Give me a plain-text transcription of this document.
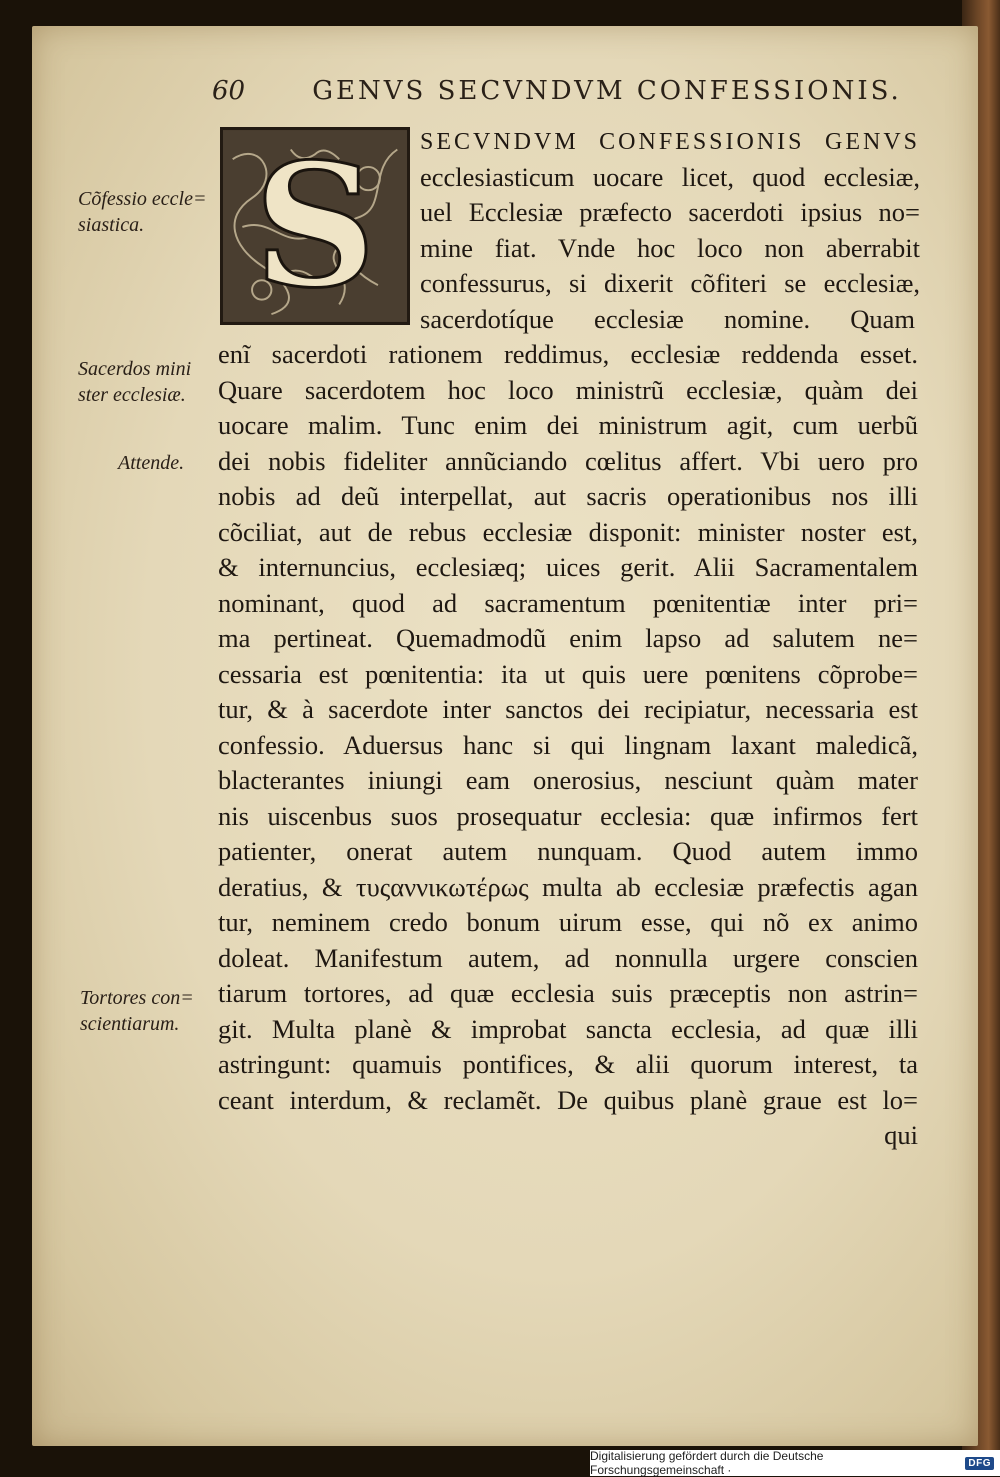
60	GENVS SECVNDVM CONFESSIONIS.
S SECVNDVM CONFESSIONIS GENVS
ecclesiasticum uocare licet, quod ecclesiæ,
uel Ecclesiæ præfecto sacerdoti ipsius no=
mine fiat. Vnde hoc loco non aberrabit
confessurus, si dixerit cõfiteri se ecclesiæ,
sacerdotíque ecclesiæ nomine. Quam
enĩ sacerdoti rationem reddimus, ecclesiæ reddenda esset.
Quare sacerdotem hoc loco ministrũ ecclesiæ, quàm dei
uocare malim. Tunc enim dei ministrum agit, cum uerbũ
dei nobis fideliter annũciando cœlitus affert. Vbi uero pro
nobis ad deũ interpellat, aut sacris operationibus nos illi
cõciliat, aut de rebus ecclesiæ disponit: minister noster est,
& internuncius, ecclesiæq; uices gerit. Alii Sacramentalem
nominant, quod ad sacramentum pœnitentiæ inter pri=
ma pertineat. Quemadmodũ enim lapso ad salutem ne=
cessaria est pœnitentia: ita ut quis uere pœnitens cõprobe=
tur, & à sacerdote inter sanctos dei recipiatur, necessaria est
confessio. Aduersus hanc si qui lingnam laxant maledicã,
blacterantes iniungi eam onerosius, nesciunt quàm mater
nis uiscenbus suos prosequatur ecclesia: quæ infirmos fert
patienter, onerat autem nunquam. Quod autem immo
deratius, & τυςαννικωτέρως multa ab ecclesiæ præfectis agan
tur, neminem credo bonum uirum esse, qui nõ ex animo
doleat. Manifestum autem, ad nonnulla urgere conscien
tiarum tortores, ad quæ ecclesia suis præceptis non astrin=
git. Multa planè & improbat sancta ecclesia, ad quæ illi
astringunt: quamuis pontifices, & alii quorum interest, ta
ceant interdum, & reclamẽt. De quibus planè graue est lo=
qui
Cõfessio eccle=
siastica.
Sacerdos mini
ster ecclesiæ.
Attende.
Tortores con=
scientiarum.
Digitalisierung gefördert durch die Deutsche Forschungsgemeinschaft ·	DFG
